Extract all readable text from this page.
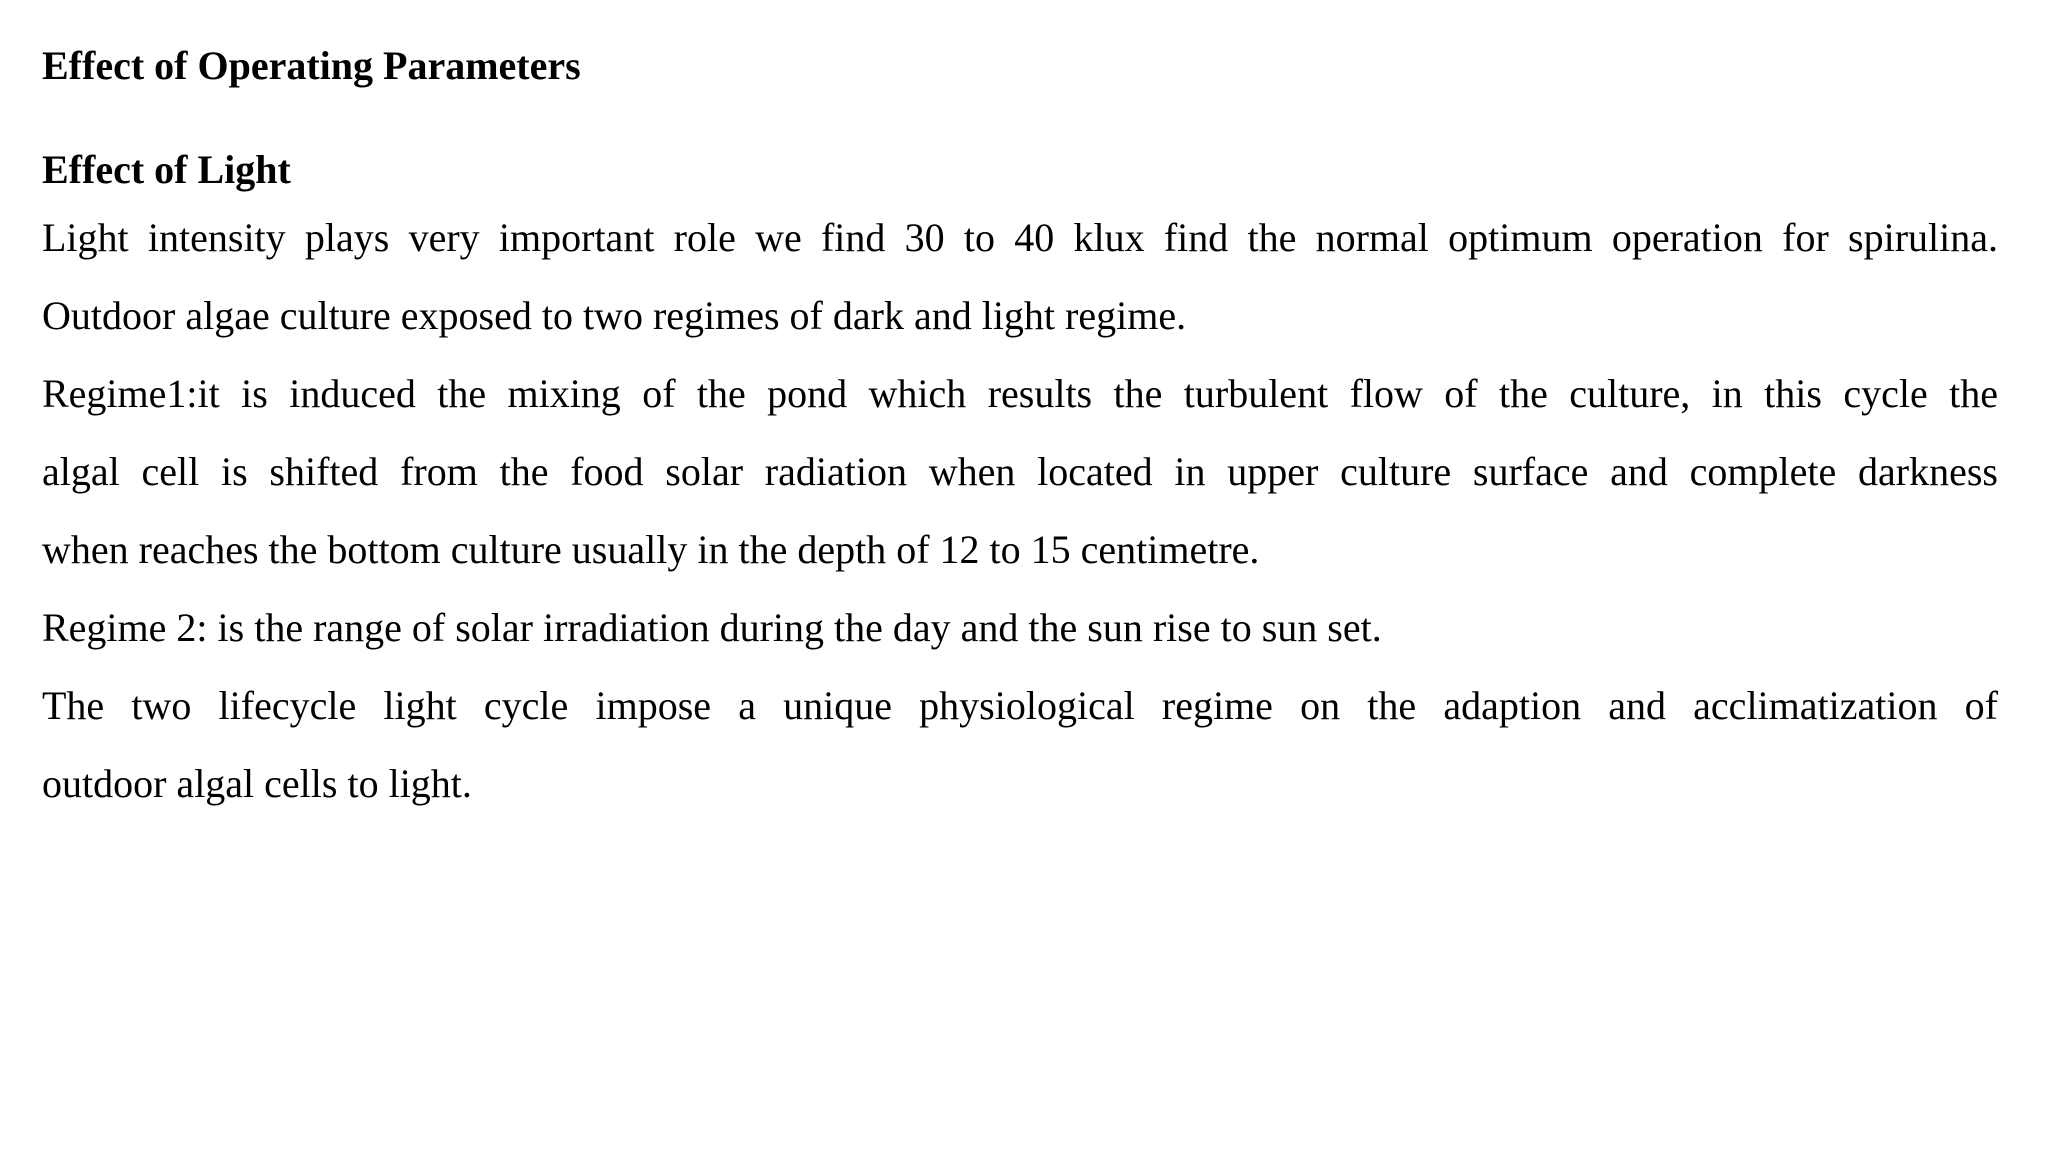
Effect of Operating Parameters
Effect of Light

Light intensity plays very important role we find 30 to 40 klux find the normal optimum operation for spirulina.

Outdoor algae culture exposed to two regimes of dark and light regime.

Regime1:it is induced the mixing of the pond which results the turbulent flow of the culture, in this cycle the

algal cell is shifted from the food solar radiation when located in upper culture surface and complete darkness

when reaches the bottom culture usually in the depth of 12 to 15 centimetre.

Regime 2: is the range of solar irradiation during the day and the sun rise to sun set.

The two lifecycle light cycle impose a unique physiological regime on the adaption and acclimatization of

outdoor algal cells to light.
